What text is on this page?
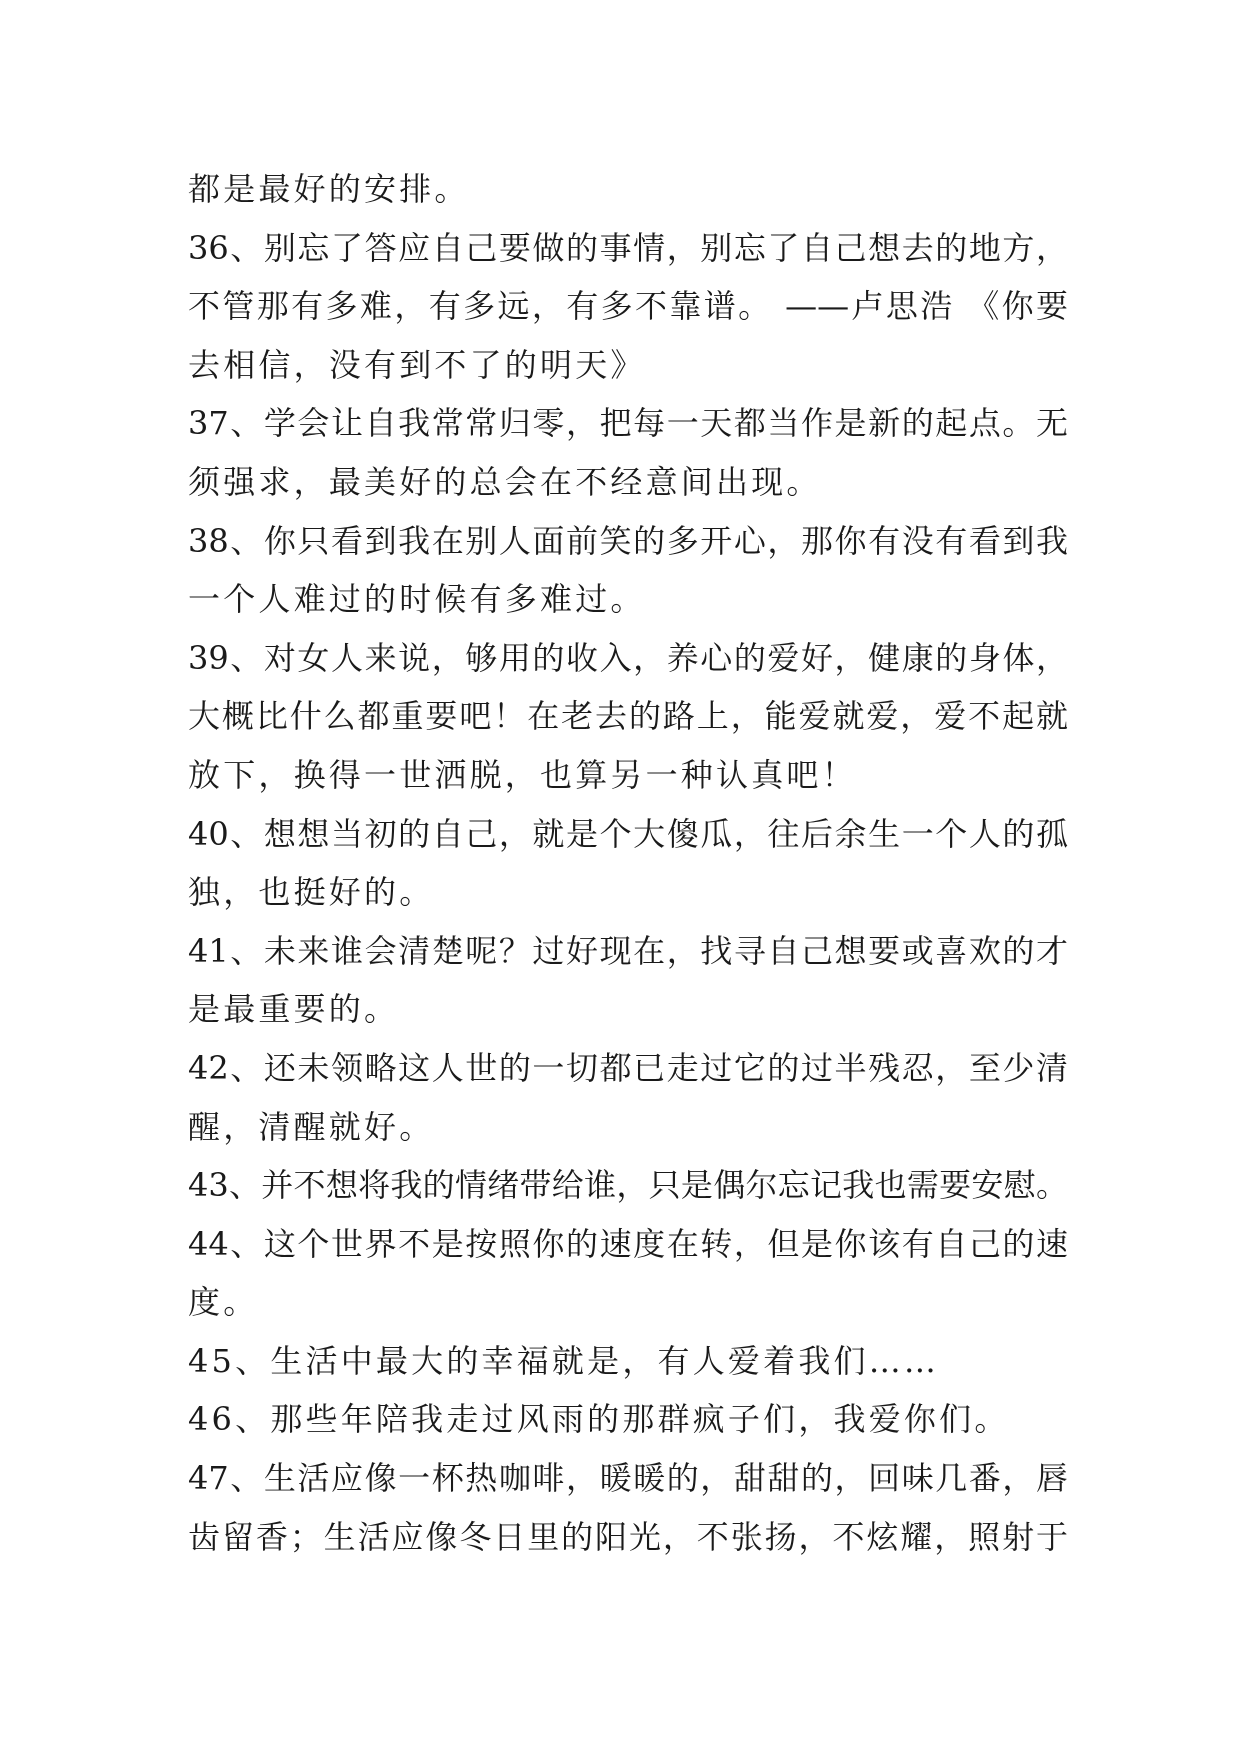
都是最好的安排。
36、别忘了答应自己要做的事情，别忘了自己想去的地方，
不管那有多难，有多远，有多不靠谱。 ——卢思浩 《你要
去相信，没有到不了的明天》
37、学会让自我常常归零，把每一天都当作是新的起点。无
须强求，最美好的总会在不经意间出现。
38、你只看到我在别人面前笑的多开心，那你有没有看到我
一个人难过的时候有多难过。
39、对女人来说，够用的收入，养心的爱好，健康的身体，
大概比什么都重要吧！在老去的路上，能爱就爱，爱不起就
放下，换得一世洒脱，也算另一种认真吧！
40、想想当初的自己，就是个大傻瓜，往后余生一个人的孤
独，也挺好的。
41、未来谁会清楚呢？过好现在，找寻自己想要或喜欢的才
是最重要的。
42、还未领略这人世的一切都已走过它的过半残忍，至少清
醒，清醒就好。
43、并不想将我的情绪带给谁，只是偶尔忘记我也需要安慰。
44、这个世界不是按照你的速度在转，但是你该有自己的速
度。
45、生活中最大的幸福就是，有人爱着我们……
46、那些年陪我走过风雨的那群疯子们，我爱你们。
47、生活应像一杯热咖啡，暖暖的，甜甜的，回味几番，唇
齿留香；生活应像冬日里的阳光，不张扬，不炫耀，照射于
